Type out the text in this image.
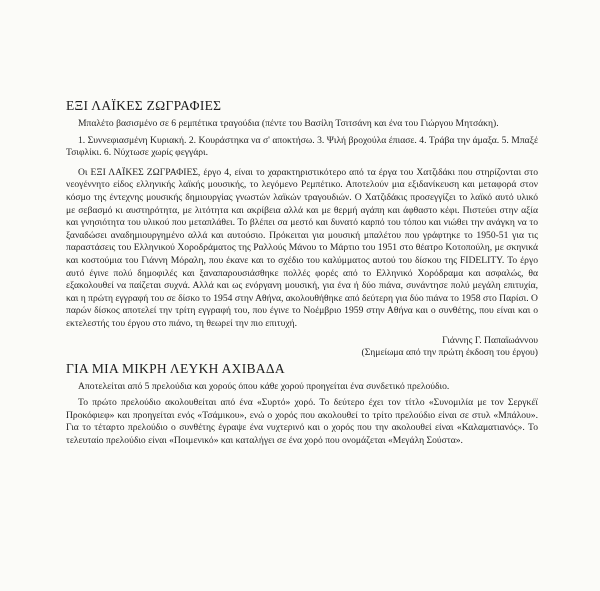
ΕΞΙ ΛΑΪΚΕΣ ΖΩΓΡΑΦΙΕΣ

Μπαλέτο βασισμένο σε 6 ρεμπέτικα τραγούδια (πέντε του Βασίλη Τσιτσάνη και ένα του Γιώργου Μητσάκη).

1. Συννεφιασμένη Κυριακή. 2. Κουράστηκα να σ' αποκτήσω. 3. Ψιλή βροχούλα έπιασε. 4. Τράβα την άμαξα. 5. Μπαξέ Τσιφλίκι. 6. Νύχτωσε χωρίς φεγγάρι.

Οι ΕΞΙ ΛΑΪΚΕΣ ΖΩΓΡΑΦΙΕΣ, έργο 4, είναι το χαρακτηριστικότερο από τα έργα του Χατζιδάκι που στηρίζονται στο νεογέννητο είδος ελληνικής λαϊκής μουσικής, το λεγόμενο Ρεμπέτικο. Αποτελούν μια εξιδανίκευση και μεταφορά στον κόσμο της έντεχνης μουσικής δημιουργίας γνωστών λαϊκών τραγουδιών. Ο Χατζιδάκις προσεγγίζει το λαϊκό αυτό υλικό με σεβασμό κι αυστηρότητα, με λιτότητα και ακρίβεια αλλά και με θερμή αγάπη και άφθαστο κέφι. Πιστεύει στην αξία και γνησιότητα του υλικού που μεταπλάθει. Το βλέπει σα μεστό και δυνατό καρπό του τόπου και νιώθει την ανάγκη να το ξαναδώσει αναδημιουργημένο αλλά και αυτούσιο. Πρόκειται για μουσική μπαλέτου που γράφτηκε το 1950-51 για τις παραστάσεις του Ελληνικού Χοροδράματος της Ραλλούς Μάνου το Μάρτιο του 1951 στο θέατρο Κοτοπούλη, με σκηνικά και κοστούμια του Γιάννη Μόραλη, που έκανε και το σχέδιο του καλύμματος αυτού του δίσκου της FIDELITY. Το έργο αυτό έγινε πολύ δημοφιλές και ξαναπαρουσιάσθηκε πολλές φορές από το Ελληνικό Χορόδραμα και ασφαλώς, θα εξακολουθεί να παίζεται συχνά. Αλλά και ως ενόργανη μουσική, για ένα ή δύο πιάνα, συνάντησε πολύ μεγάλη επιτυχία, και η πρώτη εγγραφή του σε δίσκο το 1954 στην Αθήνα, ακολουθήθηκε από δεύτερη για δύο πιάνα το 1958 στο Παρίσι. Ο παρών δίσκος αποτελεί την τρίτη εγγραφή του, που έγινε το Νοέμβριο 1959 στην Αθήνα και ο συνθέτης, που είναι και ο εκτελεστής του έργου στο πιάνο, τη θεωρεί την πιο επιτυχή.

Γιάννης Γ. Παπαϊωάννου

(Σημείωμα από την πρώτη έκδοση του έργου)

ΓΙΑ ΜΙΑ ΜΙΚΡΗ ΛΕΥΚΗ ΑΧΙΒΑΔΑ

Αποτελείται από 5 πρελούδια και χορούς όπου κάθε χορού προηγείται ένα συνδετικό πρελούδιο.

Το πρώτο πρελούδιο ακολουθείται από ένα «Συρτό» χορό. Το δεύτερο έχει τον τίτλο «Συνομιλία με τον Σεργκέϊ Προκόφιεφ» και προηγείται ενός «Τσάμικου», ενώ ο χορός που ακολουθεί το τρίτο πρελούδιο είναι σε στυλ «Μπάλου». Για το τέταρτο πρελούδιο ο συνθέτης έγραψε ένα νυχτερινό και ο χορός που την ακολουθεί είναι «Καλαματιανός». Το τελευταίο πρελούδιο είναι «Ποιμενικό» και καταλήγει σε ένα χορό που ονομάζεται «Μεγάλη Σούστα».
